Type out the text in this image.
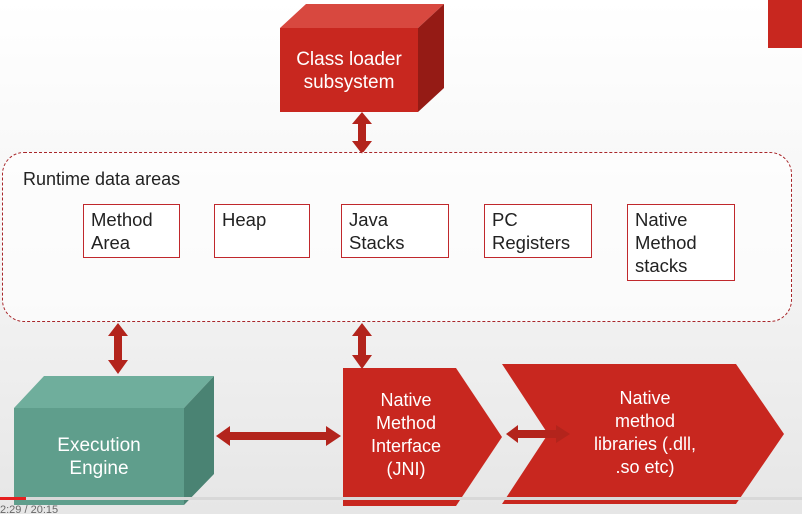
Class loader
subsystem
Runtime data areas
Method
Area
Heap	Java
Stacks
PC
Registers
Native
Method
stacks
Execution
Engine
Native
Method
Interface
(JNI)
Native
method
libraries (.dll,
.so etc)
2:29 / 20:15
